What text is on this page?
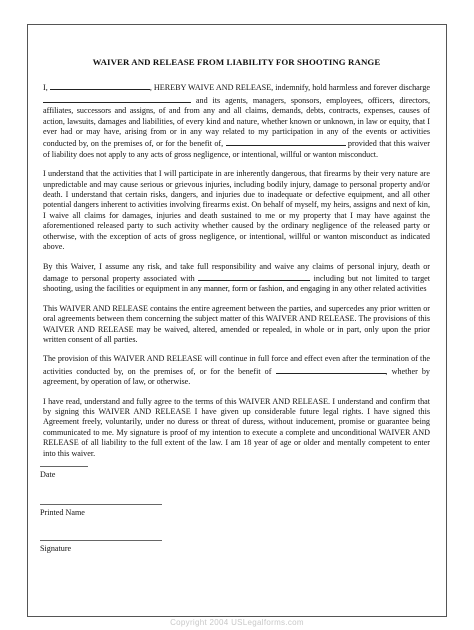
WAIVER AND RELEASE FROM LIABILITY FOR SHOOTING RANGE

I,	, HEREBY WAIVE AND RELEASE, indemnify, hold harmless and forever discharge  and its agents, managers, sponsors, employees, officers, directors, affiliates, successors and assigns, of and from any and all claims, demands, debts, contracts, expenses, causes of action, lawsuits, damages and liabilities, of every kind and nature, whether known or unknown, in law or equity, that I ever had or may have, arising from or in any way related to my participation in any of the events or activities conducted by, on the premises of, or for the benefit of,	provided that this waiver of liability does not apply to any acts of gross negligence, or intentional, willful or wanton misconduct.

I understand that the activities that I will participate in are inherently dangerous, that firearms by their very nature are unpredictable and may cause serious or grievous injuries, including bodily injury, damage to personal property and/or death. I understand that certain risks, dangers, and injuries due to inadequate or defective equipment, and all other potential dangers inherent to activities involving firearms exist. On behalf of myself, my heirs, assigns and next of kin, I waive all claims for damages, injuries and death sustained to me or my property that I may have against the aforementioned released party to such activity whether caused by the ordinary negligence of the released party or otherwise, with the exception of acts of gross negligence, or intentional, willful or wanton misconduct as indicated above.

By this Waiver, I assume any risk, and take full responsibility and waive any claims of personal injury, death or damage to personal property associated with	including but not limited to target shooting, using the facilities or equipment in any manner, form or fashion, and engaging in any other related activities

This WAIVER AND RELEASE contains the entire agreement between the parties, and supercedes any prior written or oral agreements between them concerning the subject matter of this WAIVER AND RELEASE. The provisions of this WAIVER AND RELEASE may be waived, altered, amended or repealed, in whole or in part, only upon the prior written consent of all parties.

The provision of this WAIVER AND RELEASE will continue in full force and effect even after the termination of the activities conducted by, on the premises of, or for the benefit of	, whether by agreement, by operation of law, or otherwise.

I have read, understand and fully agree to the terms of this WAIVER AND RELEASE. I understand and confirm that by signing this WAIVER AND RELEASE I have given up considerable future legal rights. I have signed this Agreement freely, voluntarily, under no duress or threat of duress, without inducement, promise or guarantee being communicated to me. My signature is proof of my intention to execute a complete and unconditional WAIVER AND RELEASE of all liability to the full extent of the law. I am 18 year of age or older and mentally competent to enter into this waiver.

Date
Printed Name
Signature
Copyright 2004 USLegalforms.com
